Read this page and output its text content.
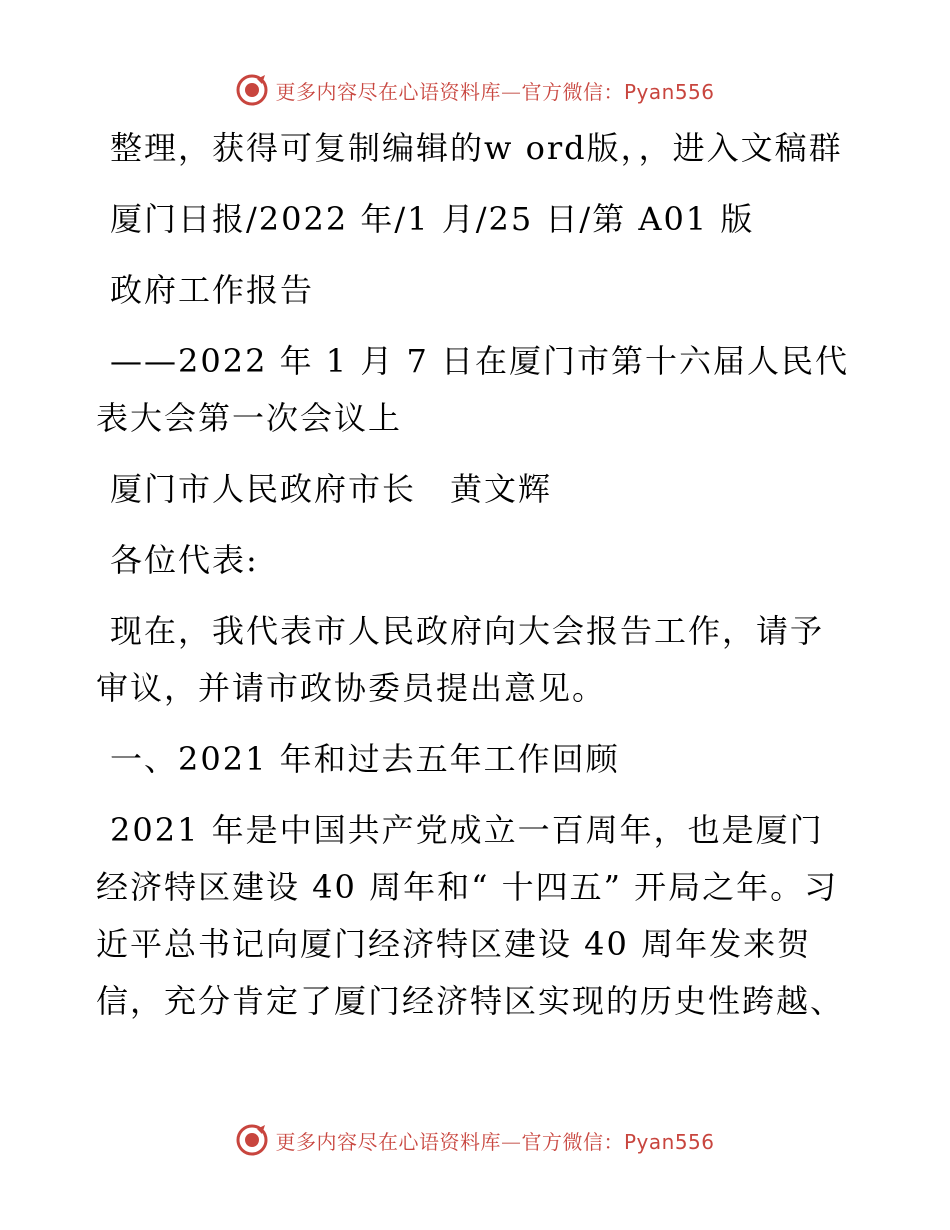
更多内容尽在心语资料库—官方微信：Pyan556

整理，获得可复制编辑的w ord版，，进入文稿群

厦门日报/2022 年/1 月/25 日/第 A01 版

政府工作报告

——2022 年 1 月 7 日在厦门市第十六届人民代表大会第一次会议上

厦门市人民政府市长　黄文辉

各位代表:

现在，我代表市人民政府向大会报告工作，请予审议，并请市政协委员提出意见。

一、2021 年和过去五年工作回顾

2021 年是中国共产党成立一百周年，也是厦门经济特区建设 40 周年和“ 十四五” 开局之年。习近平总书记向厦门经济特区建设 40 周年发来贺信，充分肯定了厦门经济特区实现的历史性跨越、

更多内容尽在心语资料库—官方微信：Pyan556
